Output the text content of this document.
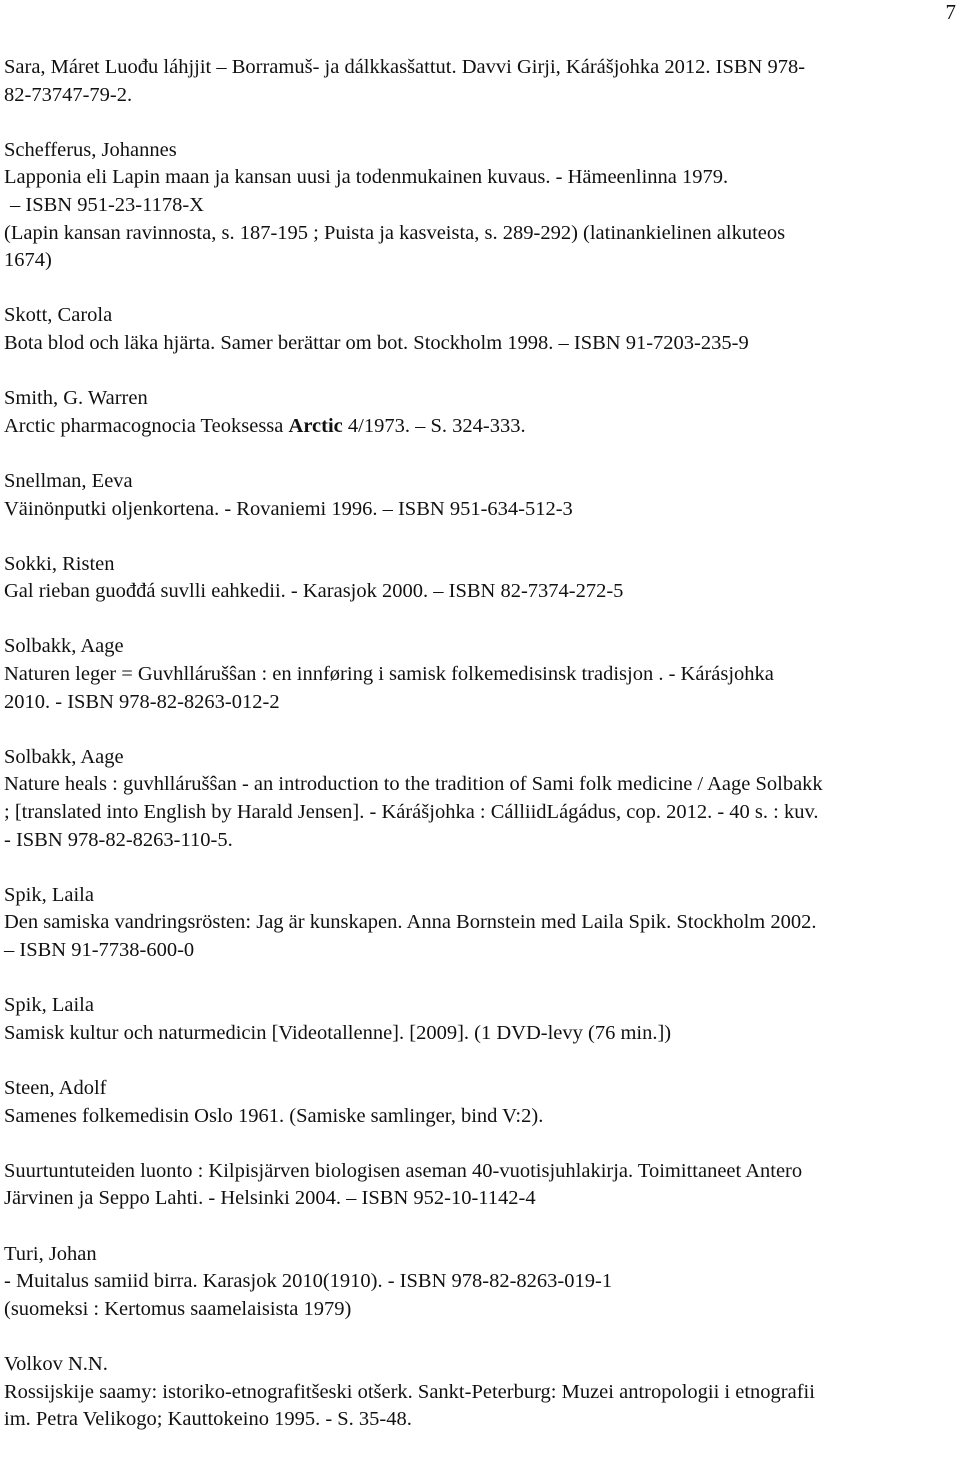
7
Sara, Máret Luođu láhjjit – Borramuš- ja dálkkasšattut. Davvi Girji, Kárášjohka 2012. ISBN 978-
82-73747-79-2.
Schefferus, Johannes
Lapponia eli Lapin maan ja kansan uusi ja todenmukainen kuvaus. - Hämeenlinna 1979.
– ISBN 951-23-1178-X
(Lapin kansan ravinnosta, s. 187-195 ; Puista ja kasveista, s. 289-292) (latinankielinen alkuteos
1674)
Skott, Carola
Bota blod och läka hjärta. Samer berättar om bot. Stockholm 1998. – ISBN 91-7203-235-9
Smith, G. Warren
Arctic pharmacognocia Teoksessa Arctic 4/1973. – S. 324-333.
Snellman, Eeva
Väinönputki oljenkortena. - Rovaniemi 1996. – ISBN 951-634-512-3
Sokki, Risten
Gal rieban guođđá suvlli eahkedii. - Karasjok 2000. – ISBN 82-7374-272-5
Solbakk, Aage
Naturen leger = Guvhllárušŝan : en innføring i samisk folkemedisinsk tradisjon . - Kárásjohka
2010. - ISBN 978-82-8263-012-2
Solbakk, Aage
Nature heals : guvhllárušŝan - an introduction to the tradition of Sami folk medicine / Aage Solbakk
; [translated into English by Harald Jensen]. - Kárášjohka : CálliidLágádus, cop. 2012. - 40 s. : kuv.
- ISBN 978-82-8263-110-5.
Spik, Laila
Den samiska vandringsrösten: Jag är kunskapen. Anna Bornstein med Laila Spik. Stockholm 2002.
– ISBN 91-7738-600-0
Spik, Laila
Samisk kultur och naturmedicin [Videotallenne]. [2009]. (1 DVD-levy (76 min.])
Steen, Adolf
Samenes folkemedisin Oslo 1961. (Samiske samlinger, bind V:2).
Suurtuntuteiden luonto : Kilpisjärven biologisen aseman 40-vuotisjuhlakirja. Toimittaneet Antero
Järvinen ja Seppo Lahti. - Helsinki 2004. – ISBN 952-10-1142-4
Turi, Johan
- Muitalus samiid birra. Karasjok 2010(1910). - ISBN 978-82-8263-019-1
(suomeksi : Kertomus saamelaisista 1979)
Volkov N.N.
Rossijskije saamy: istoriko-etnografitšeski otšerk. Sankt-Peterburg: Muzei antropologii i etnografii
im. Petra Velikogo; Kauttokeino 1995. - S. 35-48.
